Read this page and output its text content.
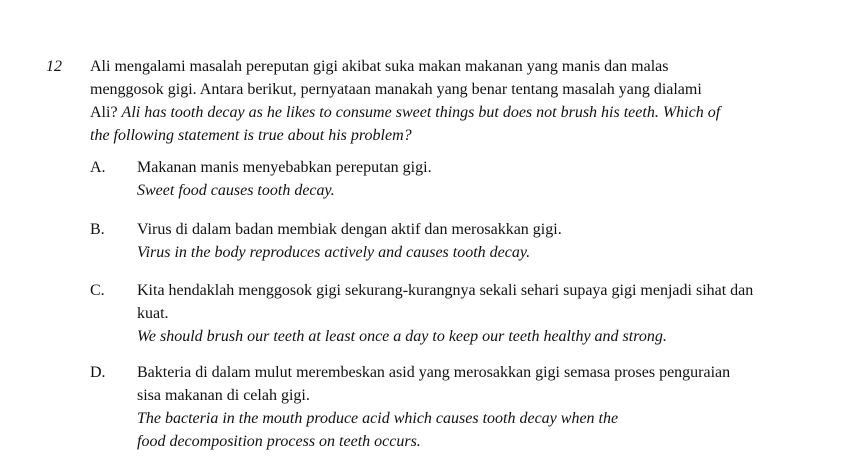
12 Ali mengalami masalah pereputan gigi akibat suka makan makanan yang manis dan malas

menggosok gigi. Antara berikut, pernyataan manakah yang benar tentang masalah yang dialami

Ali? Ali has tooth decay as he likes to consume sweet things but does not brush his teeth. Which of

the following statement is true about his problem?

A.	Makanan manis menyebabkan pereputan gigi.
Sweet food causes tooth decay.
B.	Virus di dalam badan membiak dengan aktif dan merosakkan gigi.
Virus in the body reproduces actively and causes tooth decay.
C.	Kita hendaklah menggosok gigi sekurang-kurangnya sekali sehari supaya gigi menjadi sihat dan
kuat.
We should brush our teeth at least once a day to keep our teeth healthy and strong.
D.	Bakteria di dalam mulut merembeskan asid yang merosakkan gigi semasa proses penguraian
sisa makanan di celah gigi.
The bacteria in the mouth produce acid which causes tooth decay when the
food decomposition process on teeth occurs.
